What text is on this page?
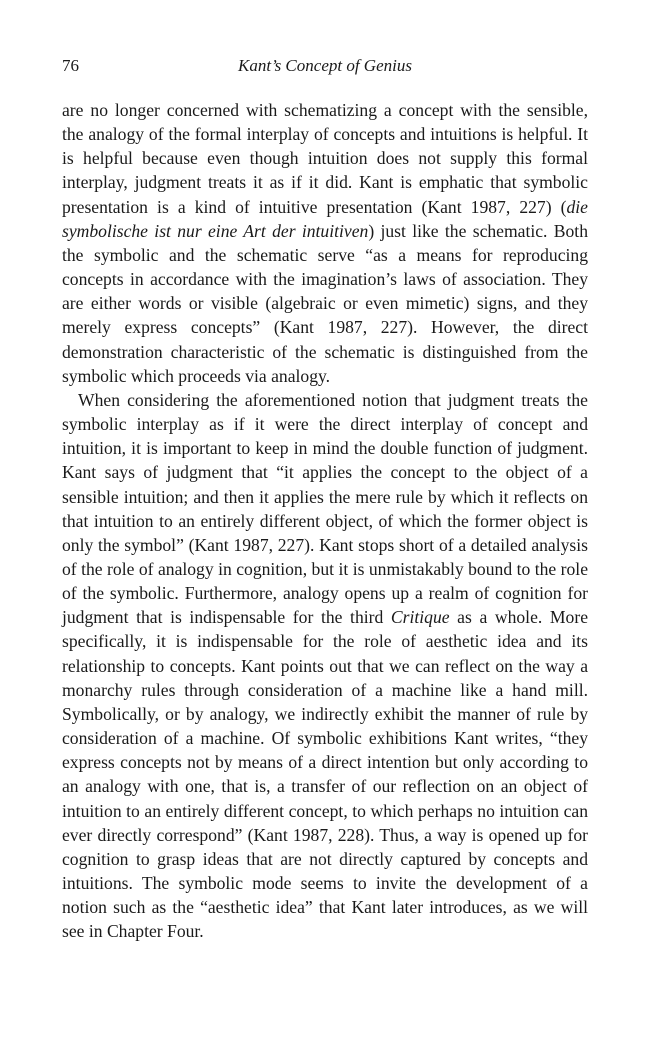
76	Kant’s Concept of Genius

are no longer concerned with schematizing a concept with the sensible, the analogy of the formal interplay of concepts and intuitions is helpful. It is helpful because even though intuition does not supply this formal interplay, judgment treats it as if it did. Kant is emphatic that symbolic presentation is a kind of intuitive presentation (Kant 1987, 227) (die symbolische ist nur eine Art der intuitiven) just like the schematic. Both the symbolic and the schematic serve “as a means for reproducing concepts in accordance with the imagination’s laws of association. They are either words or visible (algebraic or even mimetic) signs, and they merely express concepts” (Kant 1987, 227). However, the direct demonstration characteristic of the schematic is distinguished from the symbolic which proceeds via analogy.

When considering the aforementioned notion that judgment treats the symbolic interplay as if it were the direct interplay of concept and intuition, it is important to keep in mind the double function of judgment. Kant says of judgment that “it applies the concept to the object of a sensible intuition; and then it applies the mere rule by which it reflects on that intuition to an entirely different object, of which the former object is only the symbol” (Kant 1987, 227). Kant stops short of a detailed analysis of the role of analogy in cognition, but it is unmistakably bound to the role of the symbolic. Furthermore, analogy opens up a realm of cognition for judgment that is indispensable for the third Critique as a whole. More specifically, it is indispensable for the role of aesthetic idea and its relationship to concepts. Kant points out that we can reflect on the way a monarchy rules through consideration of a machine like a hand mill. Symbolically, or by analogy, we indirectly exhibit the manner of rule by consideration of a machine. Of symbolic exhibitions Kant writes, “they express concepts not by means of a direct intention but only according to an analogy with one, that is, a transfer of our reflection on an object of intuition to an entirely different concept, to which perhaps no intuition can ever directly correspond” (Kant 1987, 228). Thus, a way is opened up for cognition to grasp ideas that are not directly captured by concepts and intuitions. The symbolic mode seems to invite the development of a notion such as the “aesthetic idea” that Kant later introduces, as we will see in Chapter Four.
